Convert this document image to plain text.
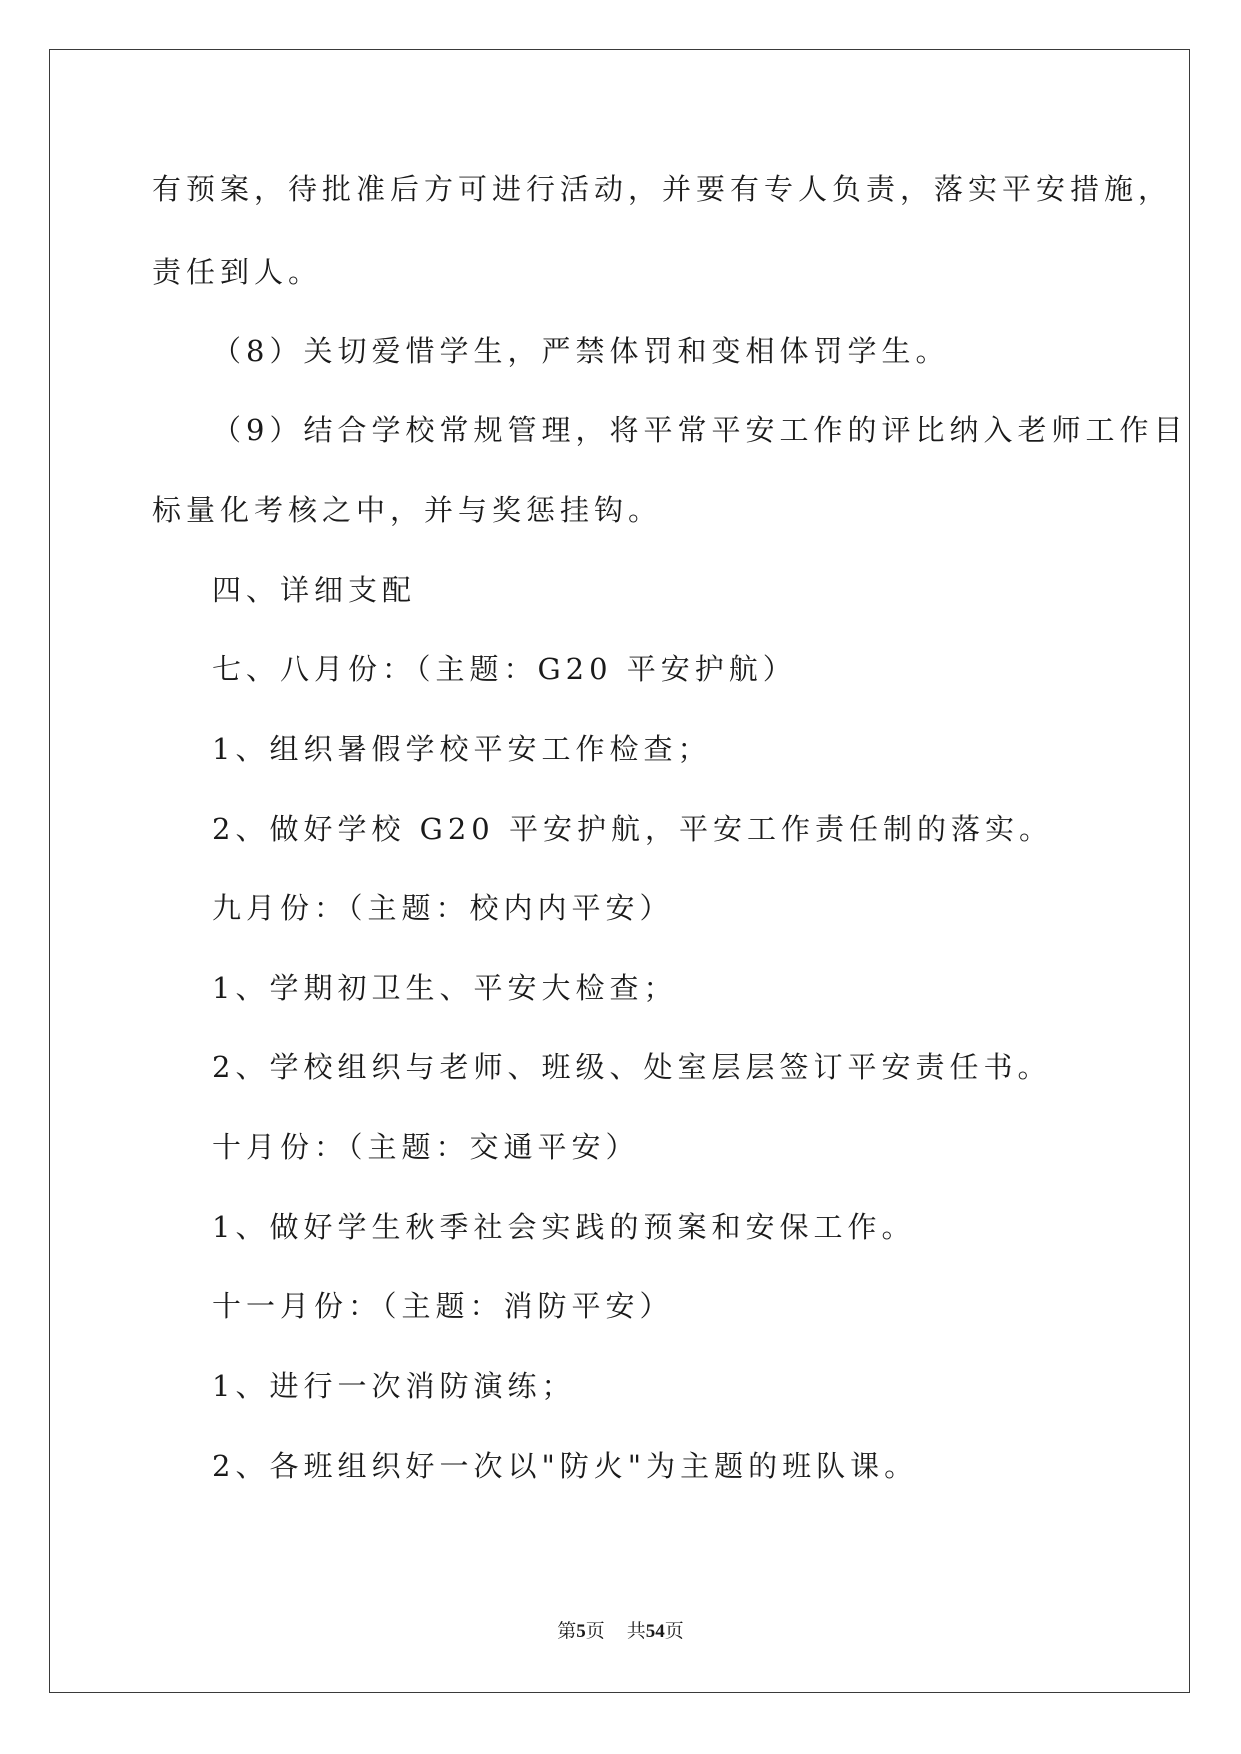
有预案，待批准后方可进行活动，并要有专人负责，落实平安措施，
责任到人。
（8）关切爱惜学生，严禁体罚和变相体罚学生。
（9）结合学校常规管理，将平常平安工作的评比纳入老师工作目
标量化考核之中，并与奖惩挂钩。
四、详细支配
七、八月份：（主题：G20 平安护航）
1、组织暑假学校平安工作检查；
2、做好学校 G20 平安护航，平安工作责任制的落实。
九月份：（主题：校内内平安）
1、学期初卫生、平安大检查；
2、学校组织与老师、班级、处室层层签订平安责任书。
十月份：（主题：交通平安）
1、做好学生秋季社会实践的预案和安保工作。
十一月份：（主题：消防平安）
1、进行一次消防演练；
2、各班组织好一次以"防火"为主题的班队课。
第5页 共54页
